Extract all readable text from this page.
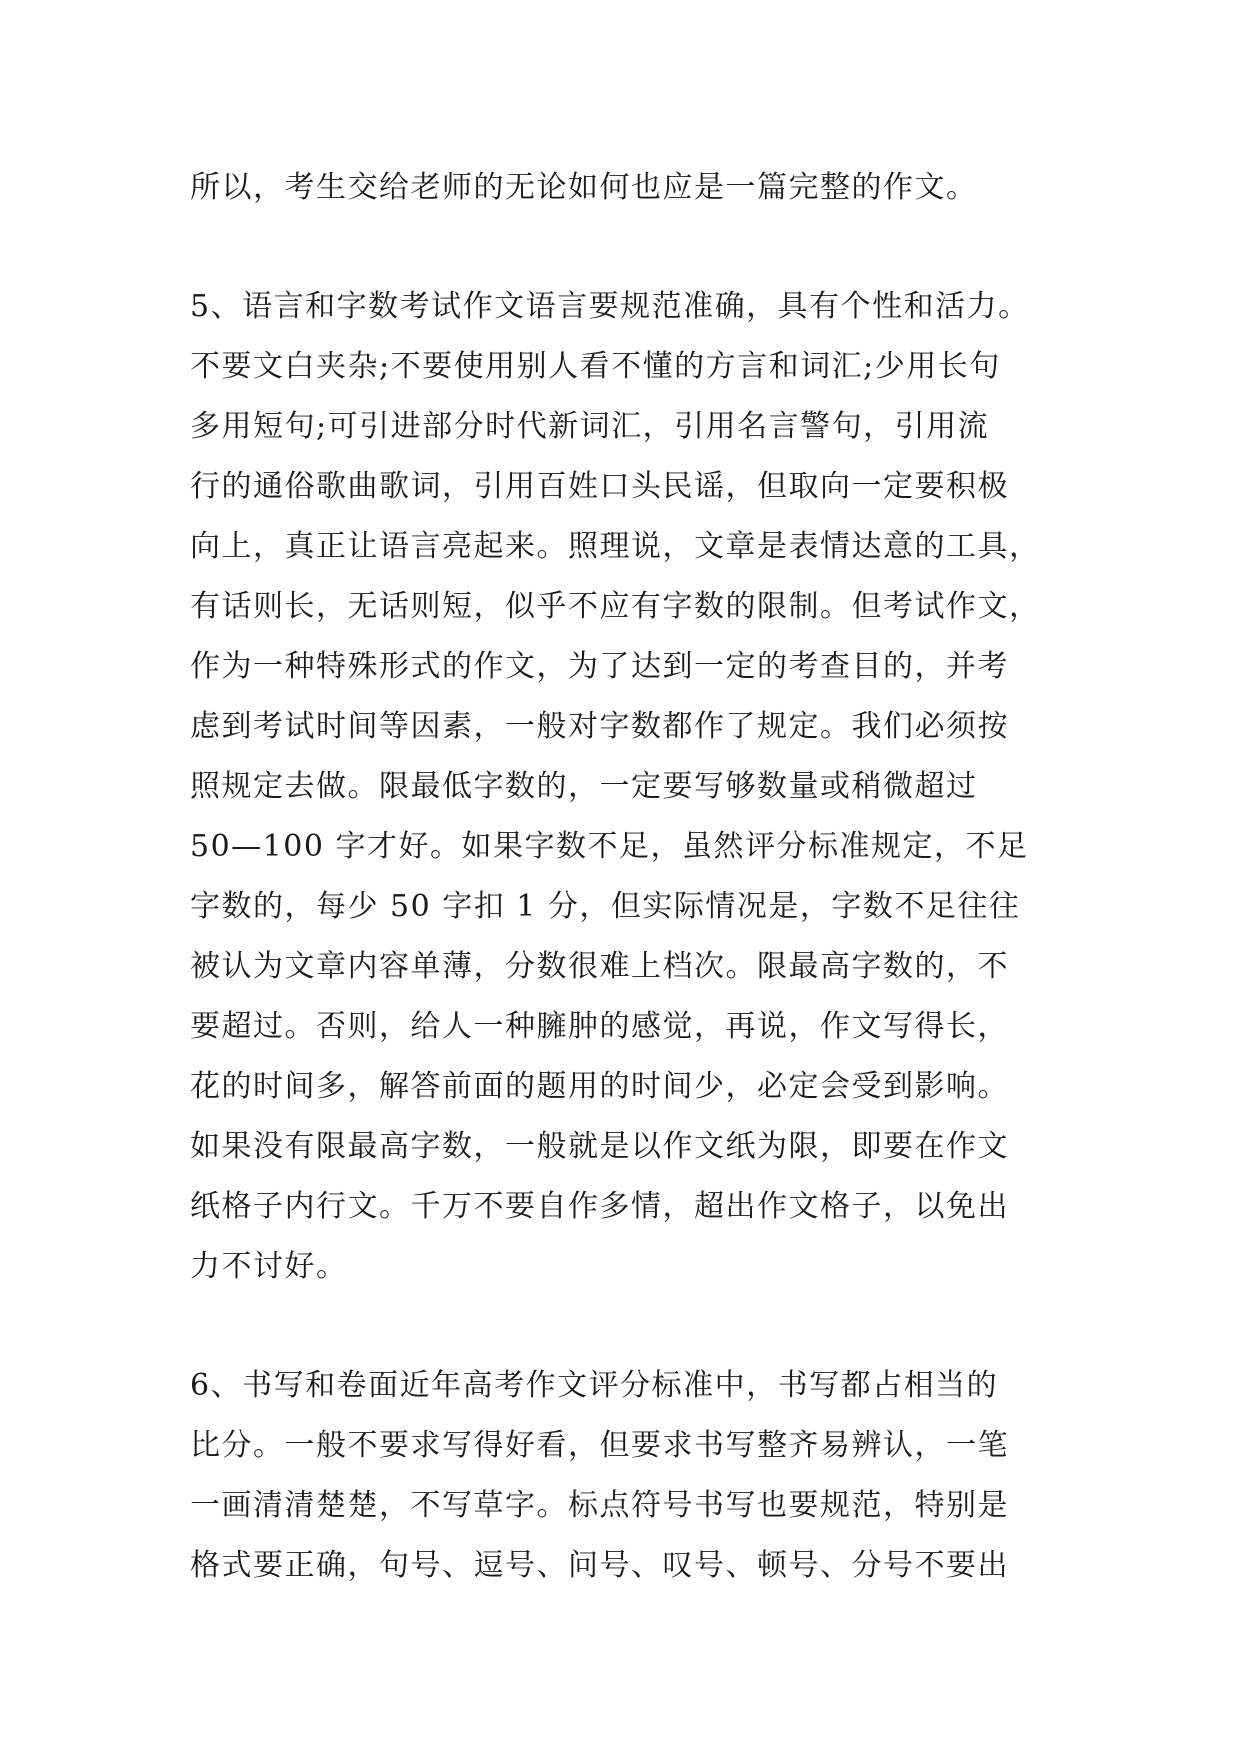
所以，考生交给老师的无论如何也应是一篇完整的作文。
5、语言和字数考试作文语言要规范准确，具有个性和活力。
不要文白夹杂;不要使用别人看不懂的方言和词汇;少用长句
多用短句;可引进部分时代新词汇，引用名言警句，引用流
行的通俗歌曲歌词，引用百姓口头民谣，但取向一定要积极
向上，真正让语言亮起来。照理说，文章是表情达意的工具，
有话则长，无话则短，似乎不应有字数的限制。但考试作文，
作为一种特殊形式的作文，为了达到一定的考查目的，并考
虑到考试时间等因素，一般对字数都作了规定。我们必须按
照规定去做。限最低字数的，一定要写够数量或稍微超过
50—100 字才好。如果字数不足，虽然评分标准规定，不足
字数的，每少 50 字扣 1 分，但实际情况是，字数不足往往
被认为文章内容单薄，分数很难上档次。限最高字数的，不
要超过。否则，给人一种臃肿的感觉，再说，作文写得长，
花的时间多，解答前面的题用的时间少，必定会受到影响。
如果没有限最高字数，一般就是以作文纸为限，即要在作文
纸格子内行文。千万不要自作多情，超出作文格子，以免出
力不讨好。
6、书写和卷面近年高考作文评分标准中，书写都占相当的
比分。一般不要求写得好看，但要求书写整齐易辨认，一笔
一画清清楚楚，不写草字。标点符号书写也要规范，特别是
格式要正确，句号、逗号、问号、叹号、顿号、分号不要出
